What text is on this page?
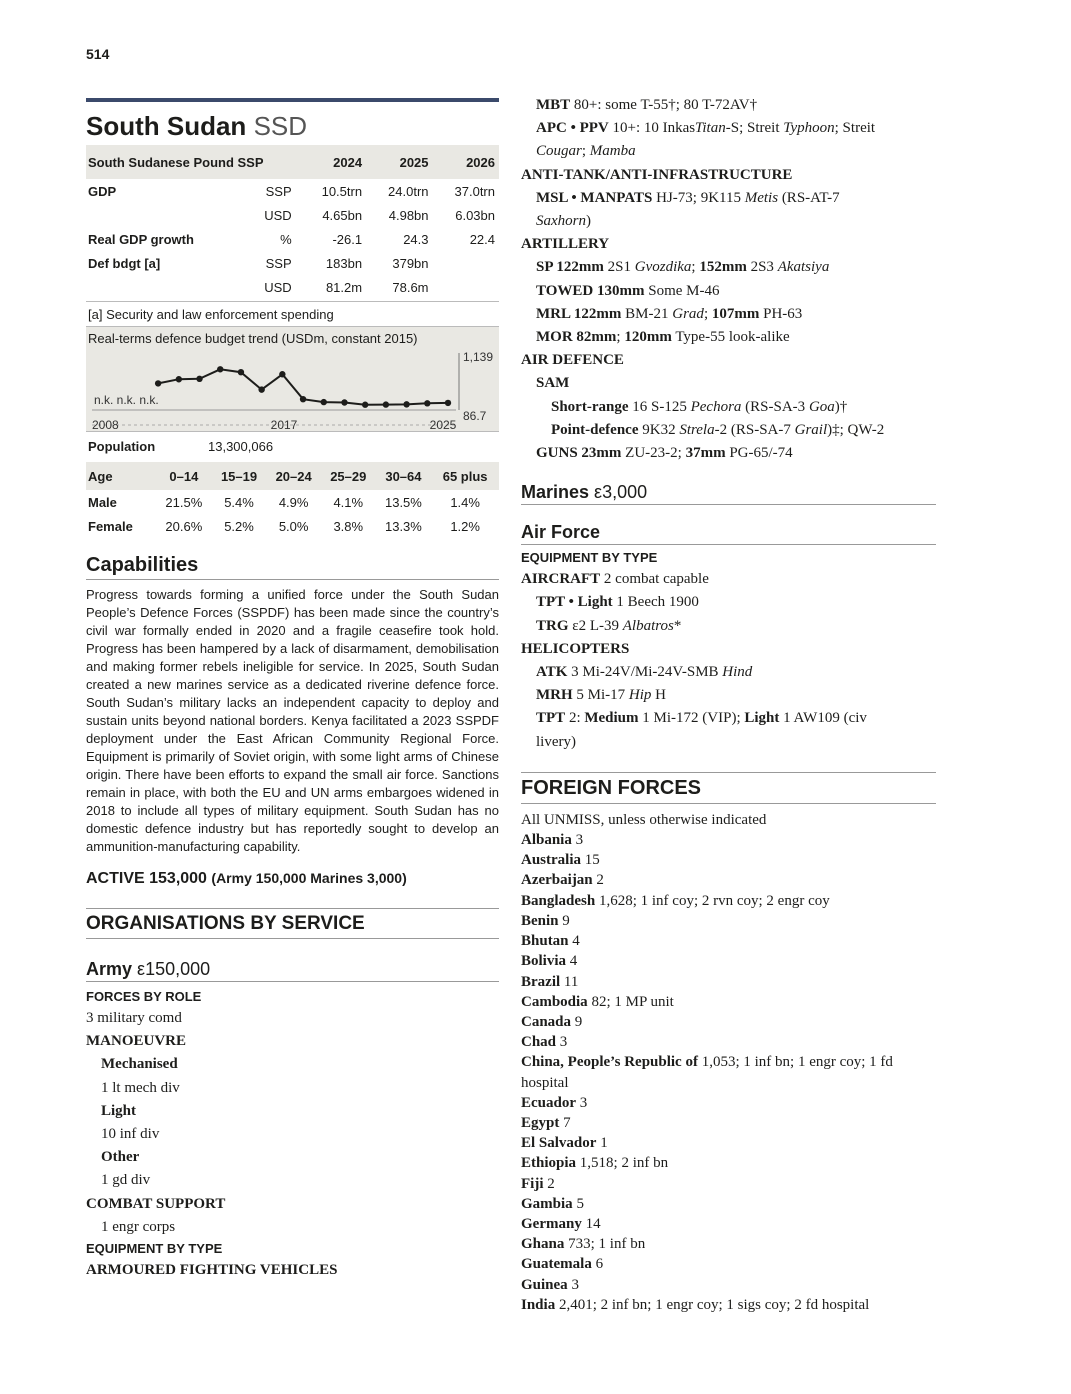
514
South Sudan SSD
South Sudanese Pound SSP		2024	2025	2026
GDP	SSP	10.5trn	24.0trn	37.0trn
	USD	4.65bn	4.98bn	6.03bn
Real GDP growth	%	-26.1	24.3	22.4
Def bdgt [a]	SSP	183bn	379bn	
	USD	81.2m	78.6m	
[a] Security and law enforcement spending
Real-terms defence budget trend (USDm, constant 2015)
1,139
86.7
n.k. n.k. n.k.
2008	2017	2025
Population	13,300,066
Age	0–14	15–19	20–24	25–29	30–64	65 plus
Male	21.5%	5.4%	4.9%	4.1%	13.5%	1.4%
Female	20.6%	5.2%	5.0%	3.8%	13.3%	1.2%
Capabilities
Progress towards forming a unified force under the South Sudan People’s Defence Forces (SSPDF) has been made since the country’s civil war formally ended in 2020 and a fragile ceasefire took hold. Progress has been hampered by a lack of disarmament, demobilisation and making former rebels ineligible for service. In 2025, South Sudan created a new marines service as a dedicated riverine defence force. South Sudan’s military lacks an independent capacity to deploy and sustain units beyond national borders. Kenya facilitated a 2023 SSPDF deployment under the East African Community Regional Force. Equipment is primarily of Soviet origin, with some light arms of Chinese origin. There have been efforts to expand the small air force. Sanctions remain in place, with both the EU and UN arms embargoes widened in 2018 to include all types of military equipment. South Sudan has no domestic defence industry but has reportedly sought to develop an ammunition-manufacturing capability.
ACTIVE 153,000 (Army 150,000 Marines 3,000)
ORGANISATIONS BY SERVICE
Army ε150,000
FORCES BY ROLE
3 military comd
MANOEUVRE
Mechanised
1 lt mech div
Light
10 inf div
Other
1 gd div
COMBAT SUPPORT
1 engr corps
EQUIPMENT BY TYPE
ARMOURED FIGHTING VEHICLES
MBT 80+: some T-55†; 80 T-72AV†
APC • PPV 10+: 10 Inkas Titan-S; Streit Typhoon; Streit
Cougar; Mamba
ANTI-TANK/ANTI-INFRASTRUCTURE
MSL • MANPATS HJ-73; 9K115 Metis (RS-AT-7
Saxhorn)
ARTILLERY
SP 122mm 2S1 Gvozdika; 152mm 2S3 Akatsiya
TOWED 130mm Some M-46
MRL 122mm BM-21 Grad; 107mm PH-63
MOR 82mm; 120mm Type-55 look-alike
AIR DEFENCE
SAM
Short-range 16 S-125 Pechora (RS-SA-3 Goa)†
Point-defence 9K32 Strela-2 (RS-SA-7 Grail)‡; QW-2
GUNS 23mm ZU-23-2; 37mm PG-65/-74
Marines ε3,000
Air Force
EQUIPMENT BY TYPE
AIRCRAFT 2 combat capable
TPT • Light 1 Beech 1900
TRG ε2 L-39 Albatros*
HELICOPTERS
ATK 3 Mi-24V/Mi-24V-SMB Hind
MRH 5 Mi-17 Hip H
TPT 2: Medium 1 Mi-172 (VIP); Light 1 AW109 (civ
livery)
FOREIGN FORCES
All UNMISS, unless otherwise indicated
Albania 3
Australia 15
Azerbaijan 2
Bangladesh 1,628; 1 inf coy; 2 rvn coy; 2 engr coy
Benin 9
Bhutan 4
Bolivia 4
Brazil 11
Cambodia 82; 1 MP unit
Canada 9
Chad 3
China, People’s Republic of 1,053; 1 inf bn; 1 engr coy; 1 fd hospital
Ecuador 3
Egypt 7
El Salvador 1
Ethiopia 1,518; 2 inf bn
Fiji 2
Gambia 5
Germany 14
Ghana 733; 1 inf bn
Guatemala 6
Guinea 3
India 2,401; 2 inf bn; 1 engr coy; 1 sigs coy; 2 fd hospital
